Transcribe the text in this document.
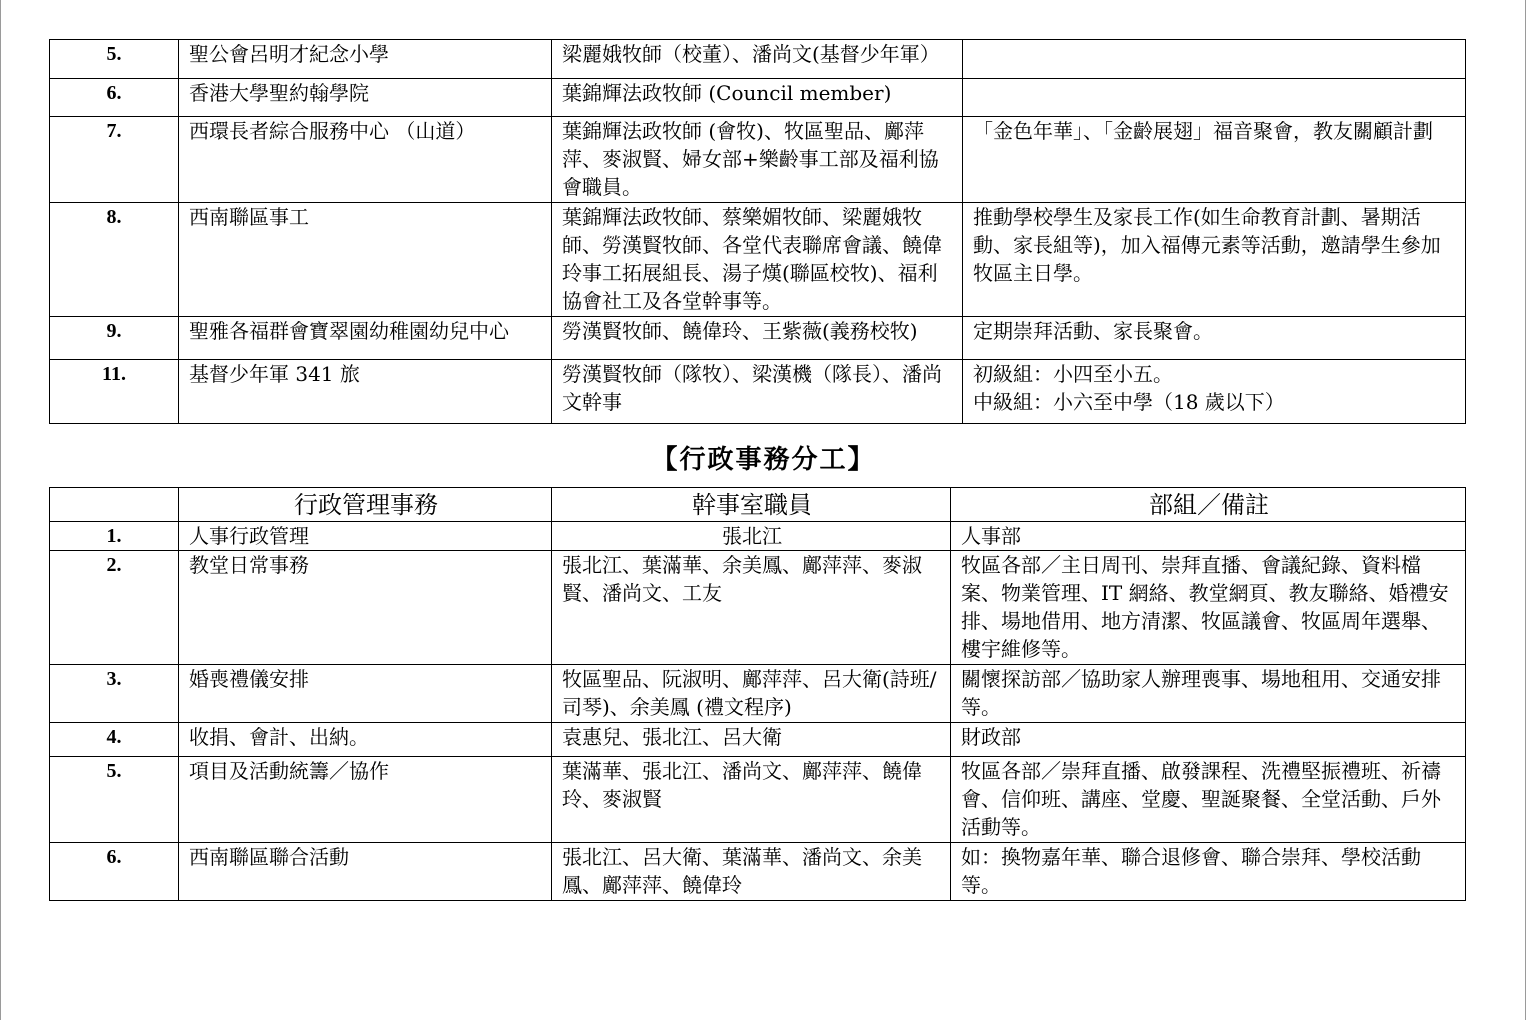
5.	聖公會呂明才紀念小學	梁麗娥牧師（校董）、潘尚文(基督少年軍）	
6.	香港大學聖約翰學院	葉錦輝法政牧師 (Council member)	
7.	西環長者綜合服務中心 （山道）	葉錦輝法政牧師 (會牧)、牧區聖品、鄺萍萍、麥淑賢、婦女部+樂齡事工部及福利協會職員。	「金色年華」、「金齡展翅」福音聚會，教友關顧計劃
8.	西南聯區事工	葉錦輝法政牧師、蔡樂媚牧師、梁麗娥牧師、勞漢賢牧師、各堂代表聯席會議、饒偉玲事工拓展組長、湯子熯(聯區校牧)、福利協會社工及各堂幹事等。	推動學校學生及家長工作(如生命教育計劃、暑期活動、家長組等)，加入福傳元素等活動，邀請學生參加牧區主日學。
9.	聖雅各福群會寶翠園幼稚園幼兒中心	勞漢賢牧師、饒偉玲、王紫薇(義務校牧)	定期崇拜活動、家長聚會。
11.	基督少年軍 341 旅	勞漢賢牧師（隊牧）、梁漢機（隊長）、潘尚文幹事	初級組：小四至小五。
中級組：小六至中學（18 歲以下）
【行政事務分工】
	行政管理事務	幹事室職員	部組／備註
1.	人事行政管理	張北江	人事部
2.	教堂日常事務	張北江、葉滿華、余美鳳、鄺萍萍、麥淑賢、潘尚文、工友	牧區各部／主日周刊、崇拜直播、會議紀錄、資料檔案、物業管理、IT 網絡、教堂網頁、教友聯絡、婚禮安排、場地借用、地方清潔、牧區議會、牧區周年選舉、樓宇維修等。
3.	婚喪禮儀安排	牧區聖品、阮淑明、鄺萍萍、呂大衛(詩班/司琴)、余美鳳 (禮文程序)	關懷探訪部／協助家人辦理喪事、場地租用、交通安排等。
4.	收捐、會計、出納。	袁惠兒、張北江、呂大衛	財政部
5.	項目及活動統籌／協作	葉滿華、張北江、潘尚文、鄺萍萍、饒偉玲、麥淑賢	牧區各部／崇拜直播、啟發課程、洗禮堅振禮班、祈禱會、信仰班、講座、堂慶、聖誕聚餐、全堂活動、戶外活動等。
6.	西南聯區聯合活動	張北江、呂大衛、葉滿華、潘尚文、余美鳳、鄺萍萍、饒偉玲	如：換物嘉年華、聯合退修會、聯合崇拜、學校活動等。
